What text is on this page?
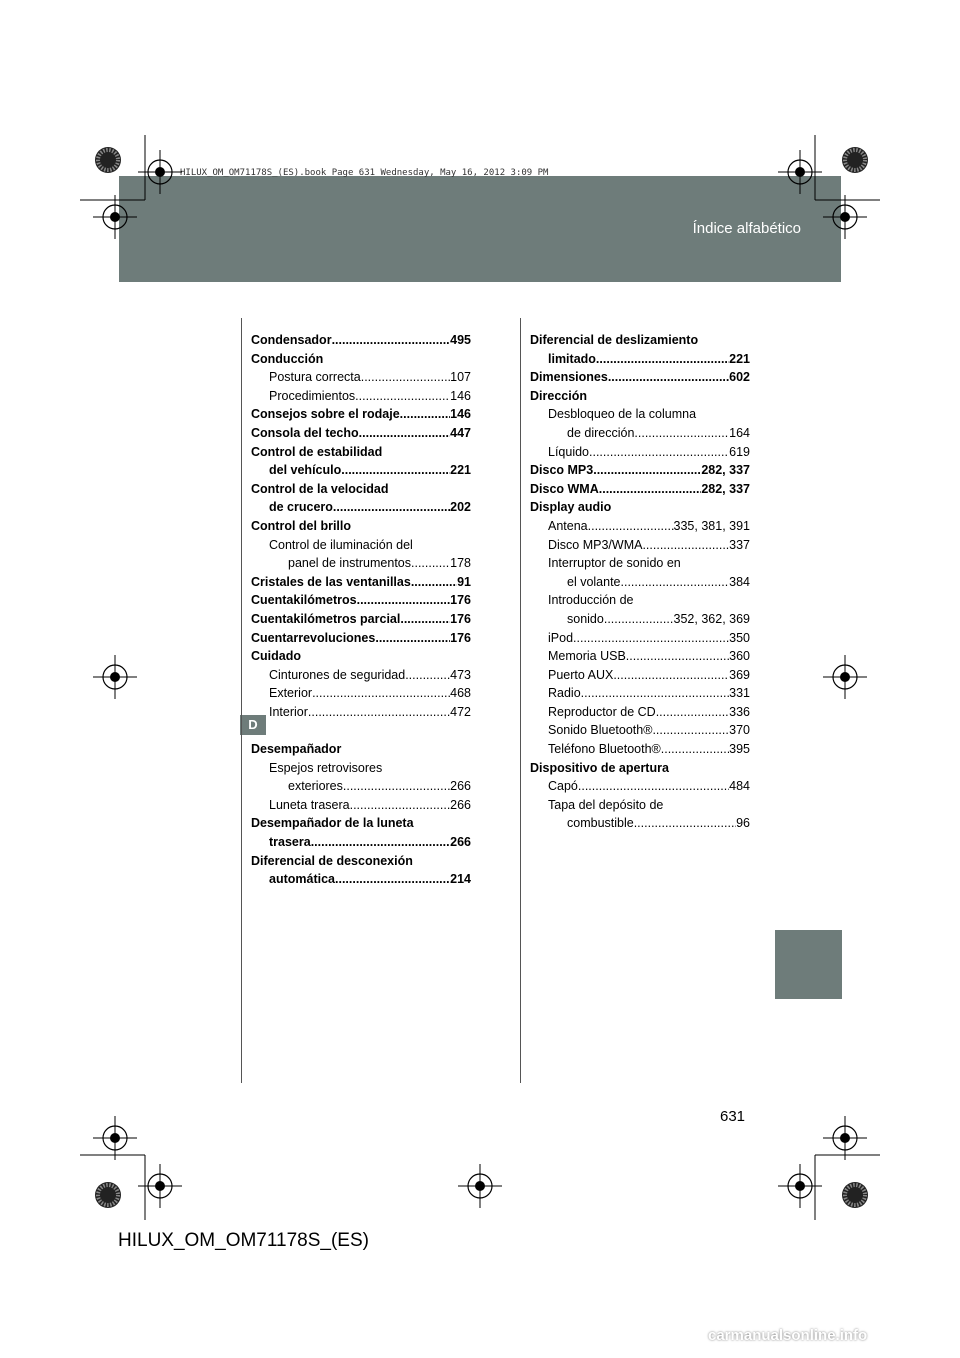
Índice alfabético
HILUX_OM_OM71178S_(ES).book Page 631 Wednesday, May 16, 2012 3:09 PM
D
Condensador .....	495
Conducción
Postura correcta .....	107
Procedimientos .....	146
Consejos sobre el rodaje .....	146
Consola del techo .....	447
Control de estabilidad
del vehículo .....	221
Control de la velocidad
de crucero .....	202
Control del brillo
Control de iluminación del
panel de instrumentos .....	178
Cristales de las ventanillas .....	91
Cuentakilómetros .....	176
Cuentakilómetros parcial .....	176
Cuentarrevoluciones .....	176
Cuidado
Cinturones de seguridad .....	473
Exterior .....	468
Interior .....	472
Desempañador
Espejos retrovisores
exteriores .....	266
Luneta trasera .....	266
Desempañador de la luneta
trasera .....	266
Diferencial de desconexión
automática .....	214
Diferencial de deslizamiento
limitado .....	221
Dimensiones .....	602
Dirección
Desbloqueo de la columna
de dirección .....	164
Líquido .....	619
Disco MP3 .....	282, 337
Disco WMA .....	282, 337
Display audio
Antena .....	335, 381, 391
Disco MP3/WMA .....	337
Interruptor de sonido en
el volante .....	384
Introducción de
sonido .....	352, 362, 369
iPod .....	350
Memoria USB .....	360
Puerto AUX .....	369
Radio .....	331
Reproductor de CD .....	336
Sonido Bluetooth® .....	370
Teléfono Bluetooth® .....	395
Dispositivo de apertura
Capó .....	484
Tapa del depósito de
combustible .....	96
631
HILUX_OM_OM71178S_(ES)
carmanualsonline.info
